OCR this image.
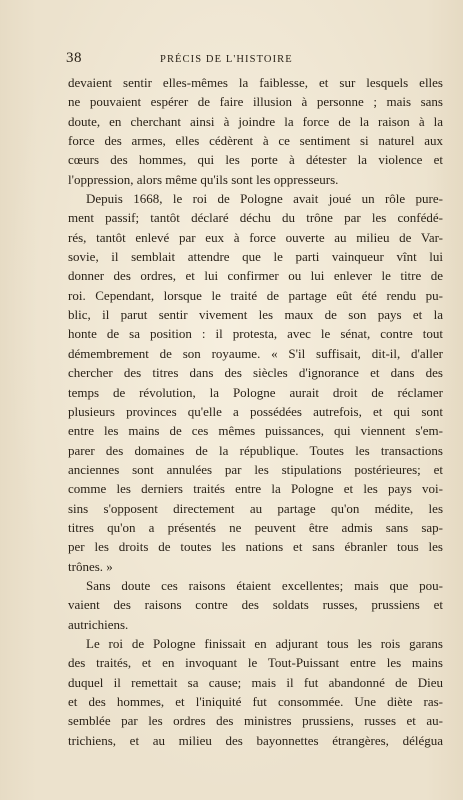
38	PRÉCIS DE L'HISTOIRE
devaient sentir elles-mêmes la faiblesse, et sur lesquels elles
ne pouvaient espérer de faire illusion à personne ; mais sans
doute, en cherchant ainsi à joindre la force de la raison à la
force des armes, elles cédèrent à ce sentiment si naturel aux
cœurs des hommes, qui les porte à détester la violence et
l'oppression, alors même qu'ils sont les oppresseurs.
Depuis 1668, le roi de Pologne avait joué un rôle pure-
ment passif; tantôt déclaré déchu du trône par les confédé-
rés, tantôt enlevé par eux à force ouverte au milieu de Var-
sovie, il semblait attendre que le parti vainqueur vînt lui
donner des ordres, et lui confirmer ou lui enlever le titre de
roi. Cependant, lorsque le traité de partage eût été rendu pu-
blic, il parut sentir vivement les maux de son pays et la
honte de sa position : il protesta, avec le sénat, contre tout
démembrement de son royaume. « S'il suffisait, dit-il, d'aller
chercher des titres dans des siècles d'ignorance et dans des
temps de révolution, la Pologne aurait droit de réclamer
plusieurs provinces qu'elle a possédées autrefois, et qui sont
entre les mains de ces mêmes puissances, qui viennent s'em-
parer des domaines de la république. Toutes les transactions
anciennes sont annulées par les stipulations postérieures; et
comme les derniers traités entre la Pologne et les pays voi-
sins s'opposent directement au partage qu'on médite, les
titres qu'on a présentés ne peuvent être admis sans sap-
per les droits de toutes les nations et sans ébranler tous les
trônes. »
Sans doute ces raisons étaient excellentes; mais que pou-
vaient des raisons contre des soldats russes, prussiens et
autrichiens.
Le roi de Pologne finissait en adjurant tous les rois garans
des traités, et en invoquant le Tout-Puissant entre les mains
duquel il remettait sa cause; mais il fut abandonné de Dieu
et des hommes, et l'iniquité fut consommée. Une diète ras-
semblée par les ordres des ministres prussiens, russes et au-
trichiens, et au milieu des bayonnettes étrangères, délégua
